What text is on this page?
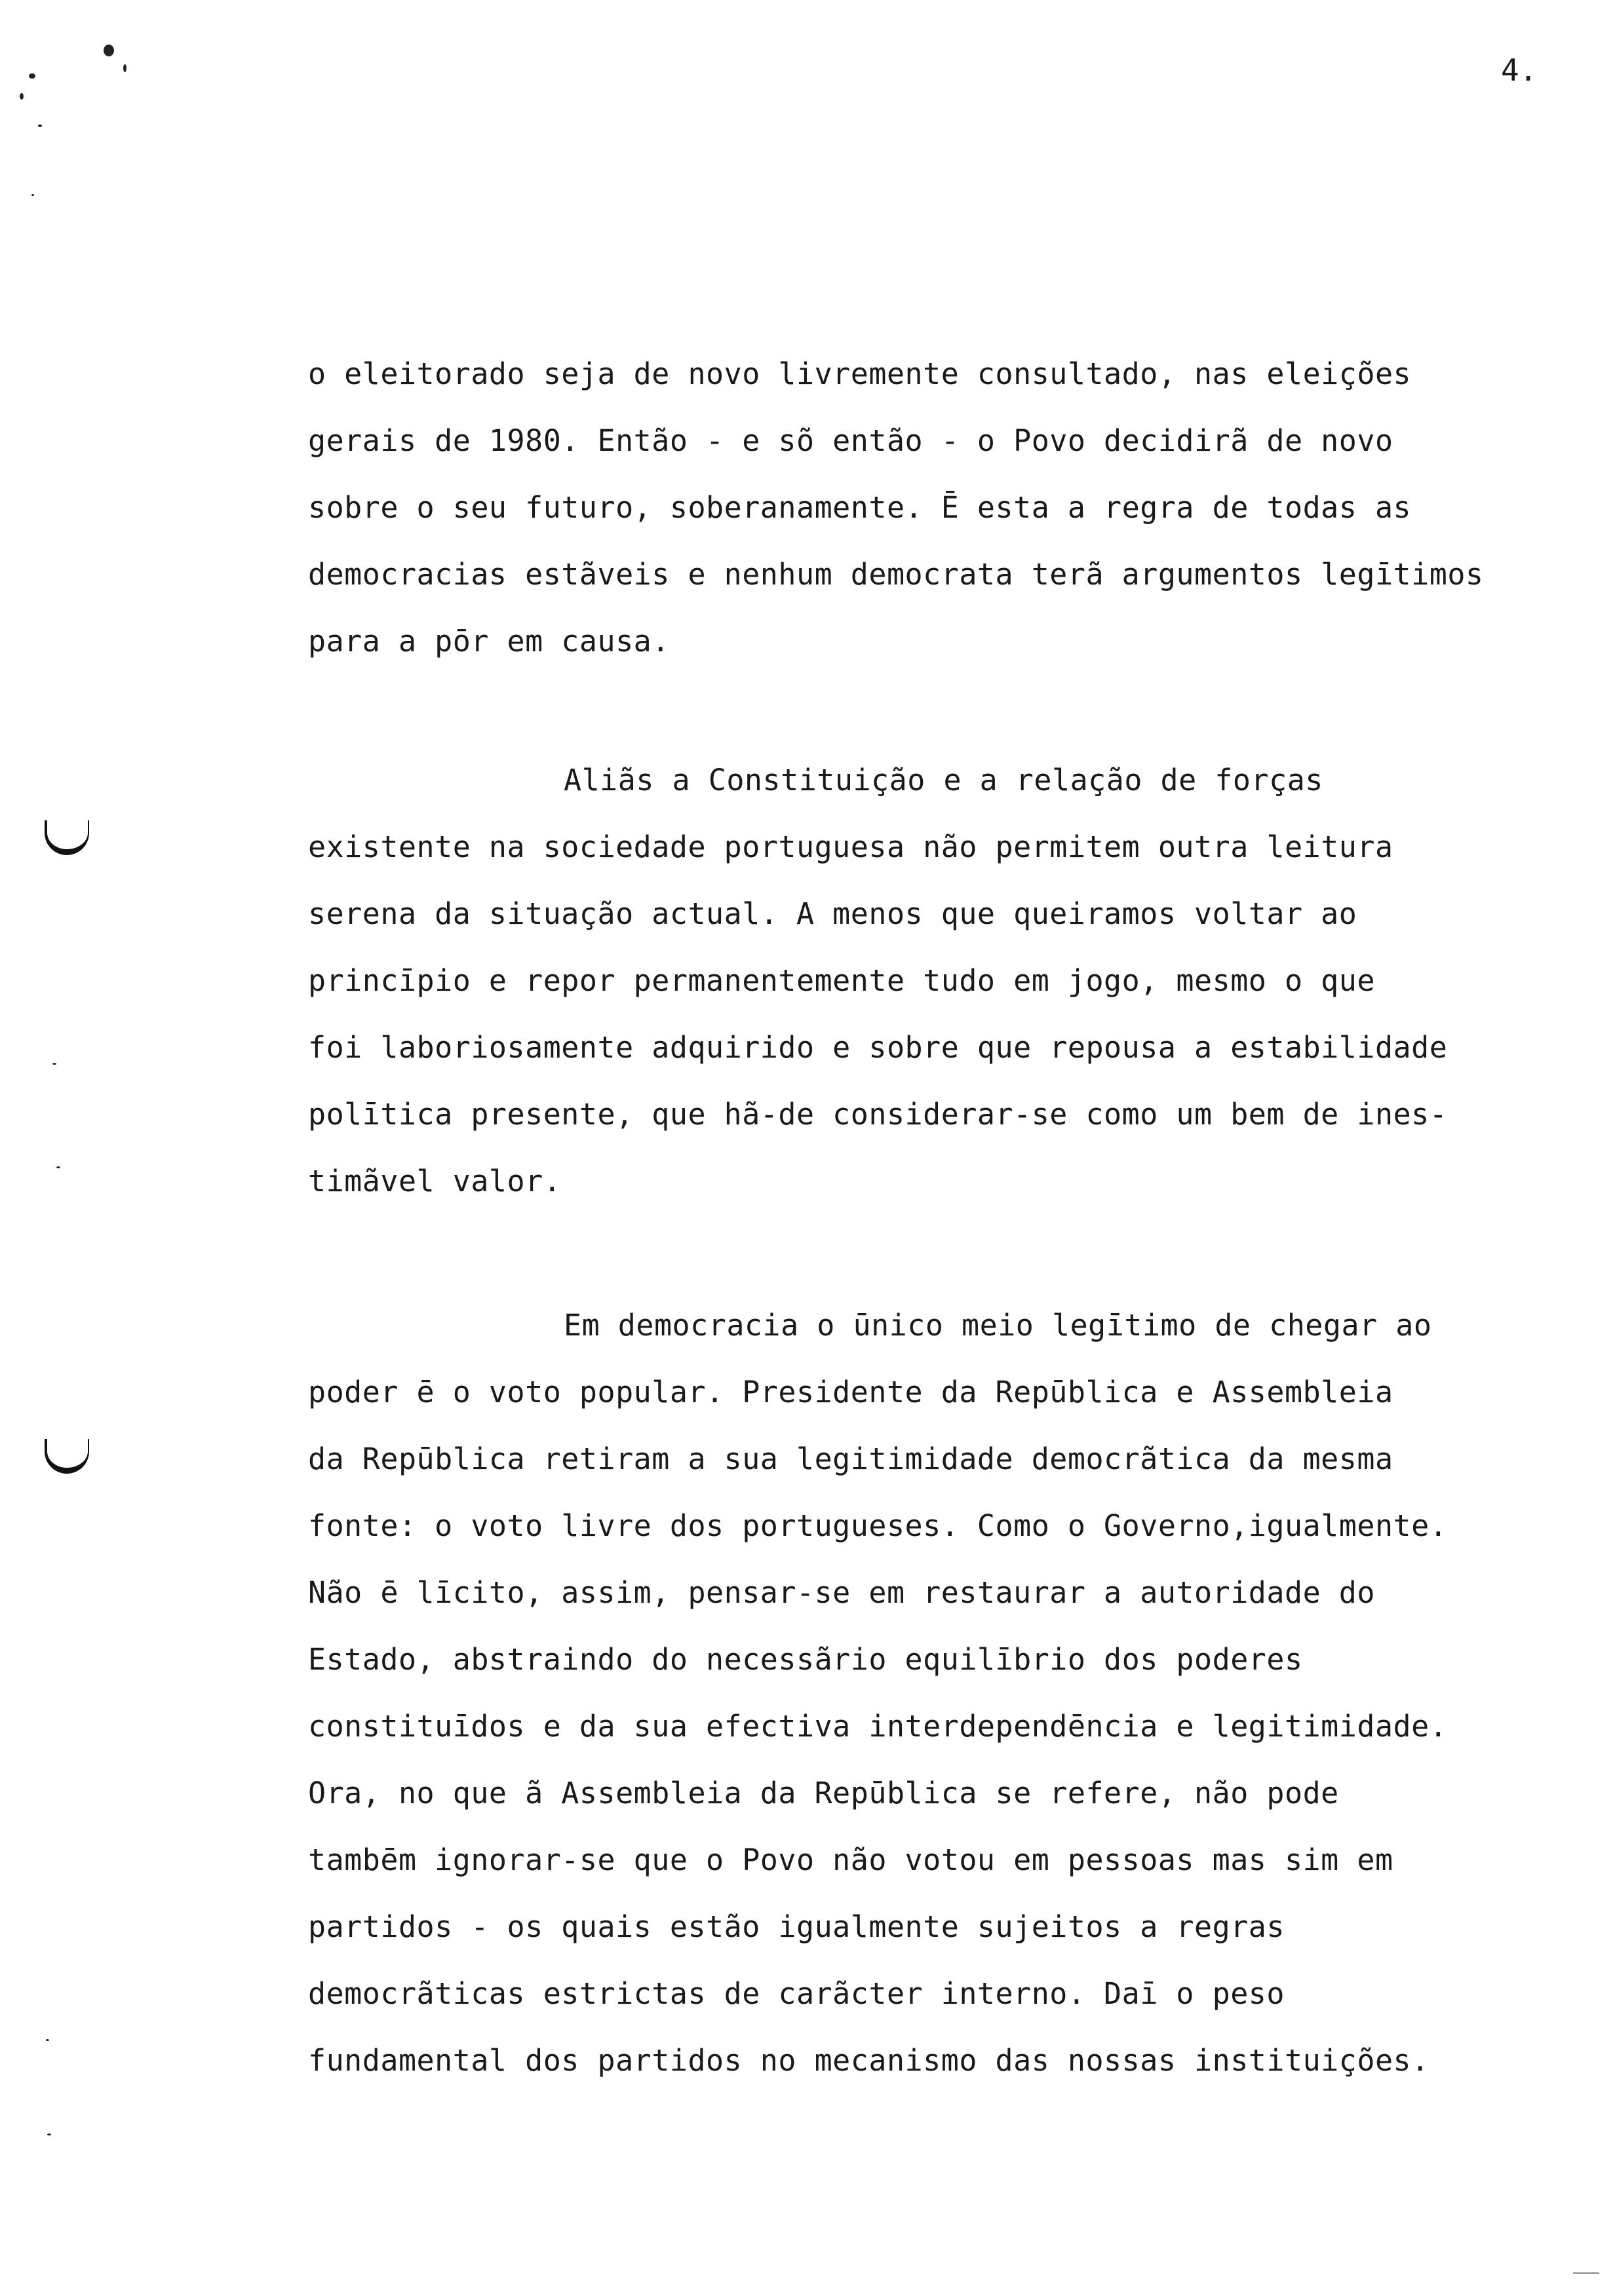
4.
o eleitorado seja de novo livremente consultado, nas eleições
gerais de 1980. Então - e sõ então - o Povo decidirã de novo
sobre o seu futuro, soberanamente. Ē esta a regra de todas as
democracias estãveis e nenhum democrata terã argumentos legītimos
para a pōr em causa.
Aliãs a Constituição e a relação de forças
existente na sociedade portuguesa não permitem outra leitura
serena da situação actual. A menos que queiramos voltar ao
princīpio e repor permanentemente tudo em jogo, mesmo o que
foi laboriosamente adquirido e sobre que repousa a estabilidade
polītica presente, que hã-de considerar-se como um bem de ines-
timãvel valor.
Em democracia o ūnico meio legītimo de chegar ao
poder ē o voto popular. Presidente da Repūblica e Assembleia
da Repūblica retiram a sua legitimidade democrãtica da mesma
fonte: o voto livre dos portugueses. Como o Governo,igualmente.
Não ē līcito, assim, pensar-se em restaurar a autoridade do
Estado, abstraindo do necessãrio equilībrio dos poderes
constituīdos e da sua efectiva interdependēncia e legitimidade.
Ora, no que ã Assembleia da Repūblica se refere, não pode
tambēm ignorar-se que o Povo não votou em pessoas mas sim em
partidos - os quais estão igualmente sujeitos a regras
democrãticas estrictas de carãcter interno. Daī o peso
fundamental dos partidos no mecanismo das nossas instituições.
